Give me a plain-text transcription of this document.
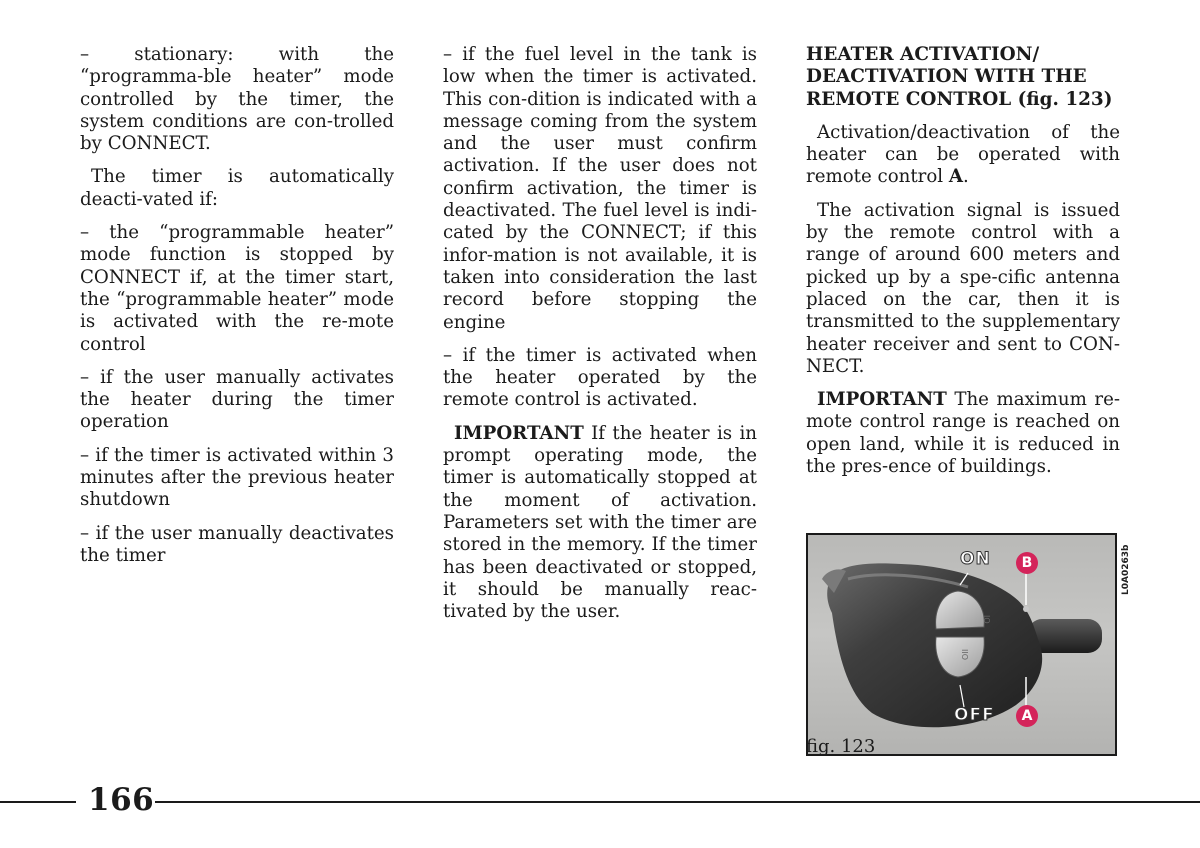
– stationary: with the “programma-ble heater” mode controlled by the timer, the system conditions are con-trolled by CONNECT.

The timer is automatically deacti-vated if:

– the “programmable heater” mode function is stopped by CONNECT if, at the timer start, the “programmable heater” mode is activated with the re-mote control

– if the user manually activates the heater during the timer operation

– if the timer is activated within 3 minutes after the previous heater shutdown

– if the user manually deactivates the timer

– if the fuel level in the tank is low when the timer is activated. This con-dition is indicated with a message coming from the system and the user must confirm activation. If the user does not confirm activation, the timer is deactivated. The fuel level is indi-cated by the CONNECT; if this infor-mation is not available, it is taken into consideration the last record before stopping the engine

– if the timer is activated when the heater operated by the remote control is activated.

IMPORTANT If the heater is in prompt operating mode, the timer is automatically stopped at the moment of activation. Parameters set with the timer are stored in the memory. If the timer has been deactivated or stopped, it should be manually reac-tivated by the user.

HEATER ACTIVATION/ DEACTIVATION WITH THE REMOTE CONTROL (fig. 123)

Activation/deactivation of the heater can be operated with remote control A.

The activation signal is issued by the remote control with a range of around 600 meters and picked up by a spe-cific antenna placed on the car, then it is transmitted to the supplementary heater receiver and sent to CON-NECT.

IMPORTANT The maximum re-mote control range is reached on open land, while it is reduced in the pres-ence of buildings.

IO
IIO
ON
OFF
B
A
L0A0263b
fig. 123
166
